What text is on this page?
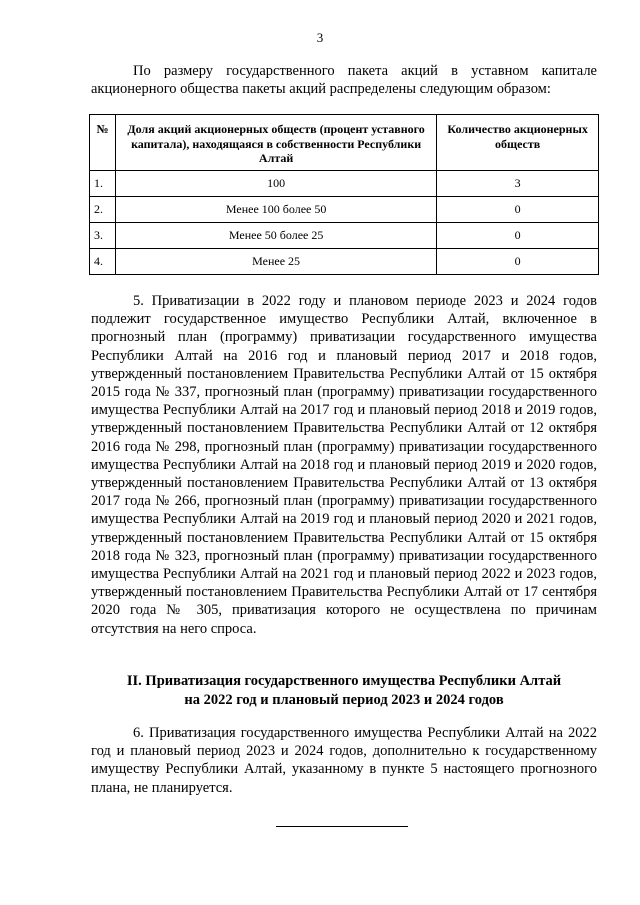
3

По размеру государственного пакета акций в уставном капитале акционерного общества пакеты акций распределены следующим образом:

№	Доля акций акционерных обществ (процент уставного капитала), находящаяся в собственности Республики Алтай	Количество акционерных обществ
1.	100	3
2.	Менее 100 более 50	0
3.	Менее 50 более 25	0
4.	Менее 25	0

5. Приватизации в 2022 году и плановом периоде 2023 и 2024 годов подлежит государственное имущество Республики Алтай, включенное в прогнозный план (программу) приватизации государственного имущества Республики Алтай на 2016 год и плановый период 2017 и 2018 годов, утвержденный постановлением Правительства Республики Алтай от 15 октября 2015 года № 337, прогнозный план (программу) приватизации государственного имущества Республики Алтай на 2017 год и плановый период 2018 и 2019 годов, утвержденный постановлением Правительства Республики Алтай от 12 октября 2016 года № 298, прогнозный план (программу) приватизации государственного имущества Республики Алтай на 2018 год и плановый период 2019 и 2020 годов, утвержденный постановлением Правительства Республики Алтай от 13 октября 2017 года № 266, прогнозный план (программу) приватизации государственного имущества Республики Алтай на 2019 год и плановый период 2020 и 2021 годов, утвержденный постановлением Правительства Республики Алтай от 15 октября 2018 года № 323, прогнозный план (программу) приватизации государственного имущества Республики Алтай на 2021 год и плановый период 2022 и 2023 годов, утвержденный постановлением Правительства Республики Алтай от 17 сентября 2020 года № 305, приватизация которого не осуществлена по причинам отсутствия на него спроса.

II. Приватизация государственного имущества Республики Алтай
на 2022 год и плановый период 2023 и 2024 годов

6. Приватизация государственного имущества Республики Алтай на 2022 год и плановый период 2023 и 2024 годов, дополнительно к государственному имуществу Республики Алтай, указанному в пункте 5 настоящего прогнозного плана, не планируется.
